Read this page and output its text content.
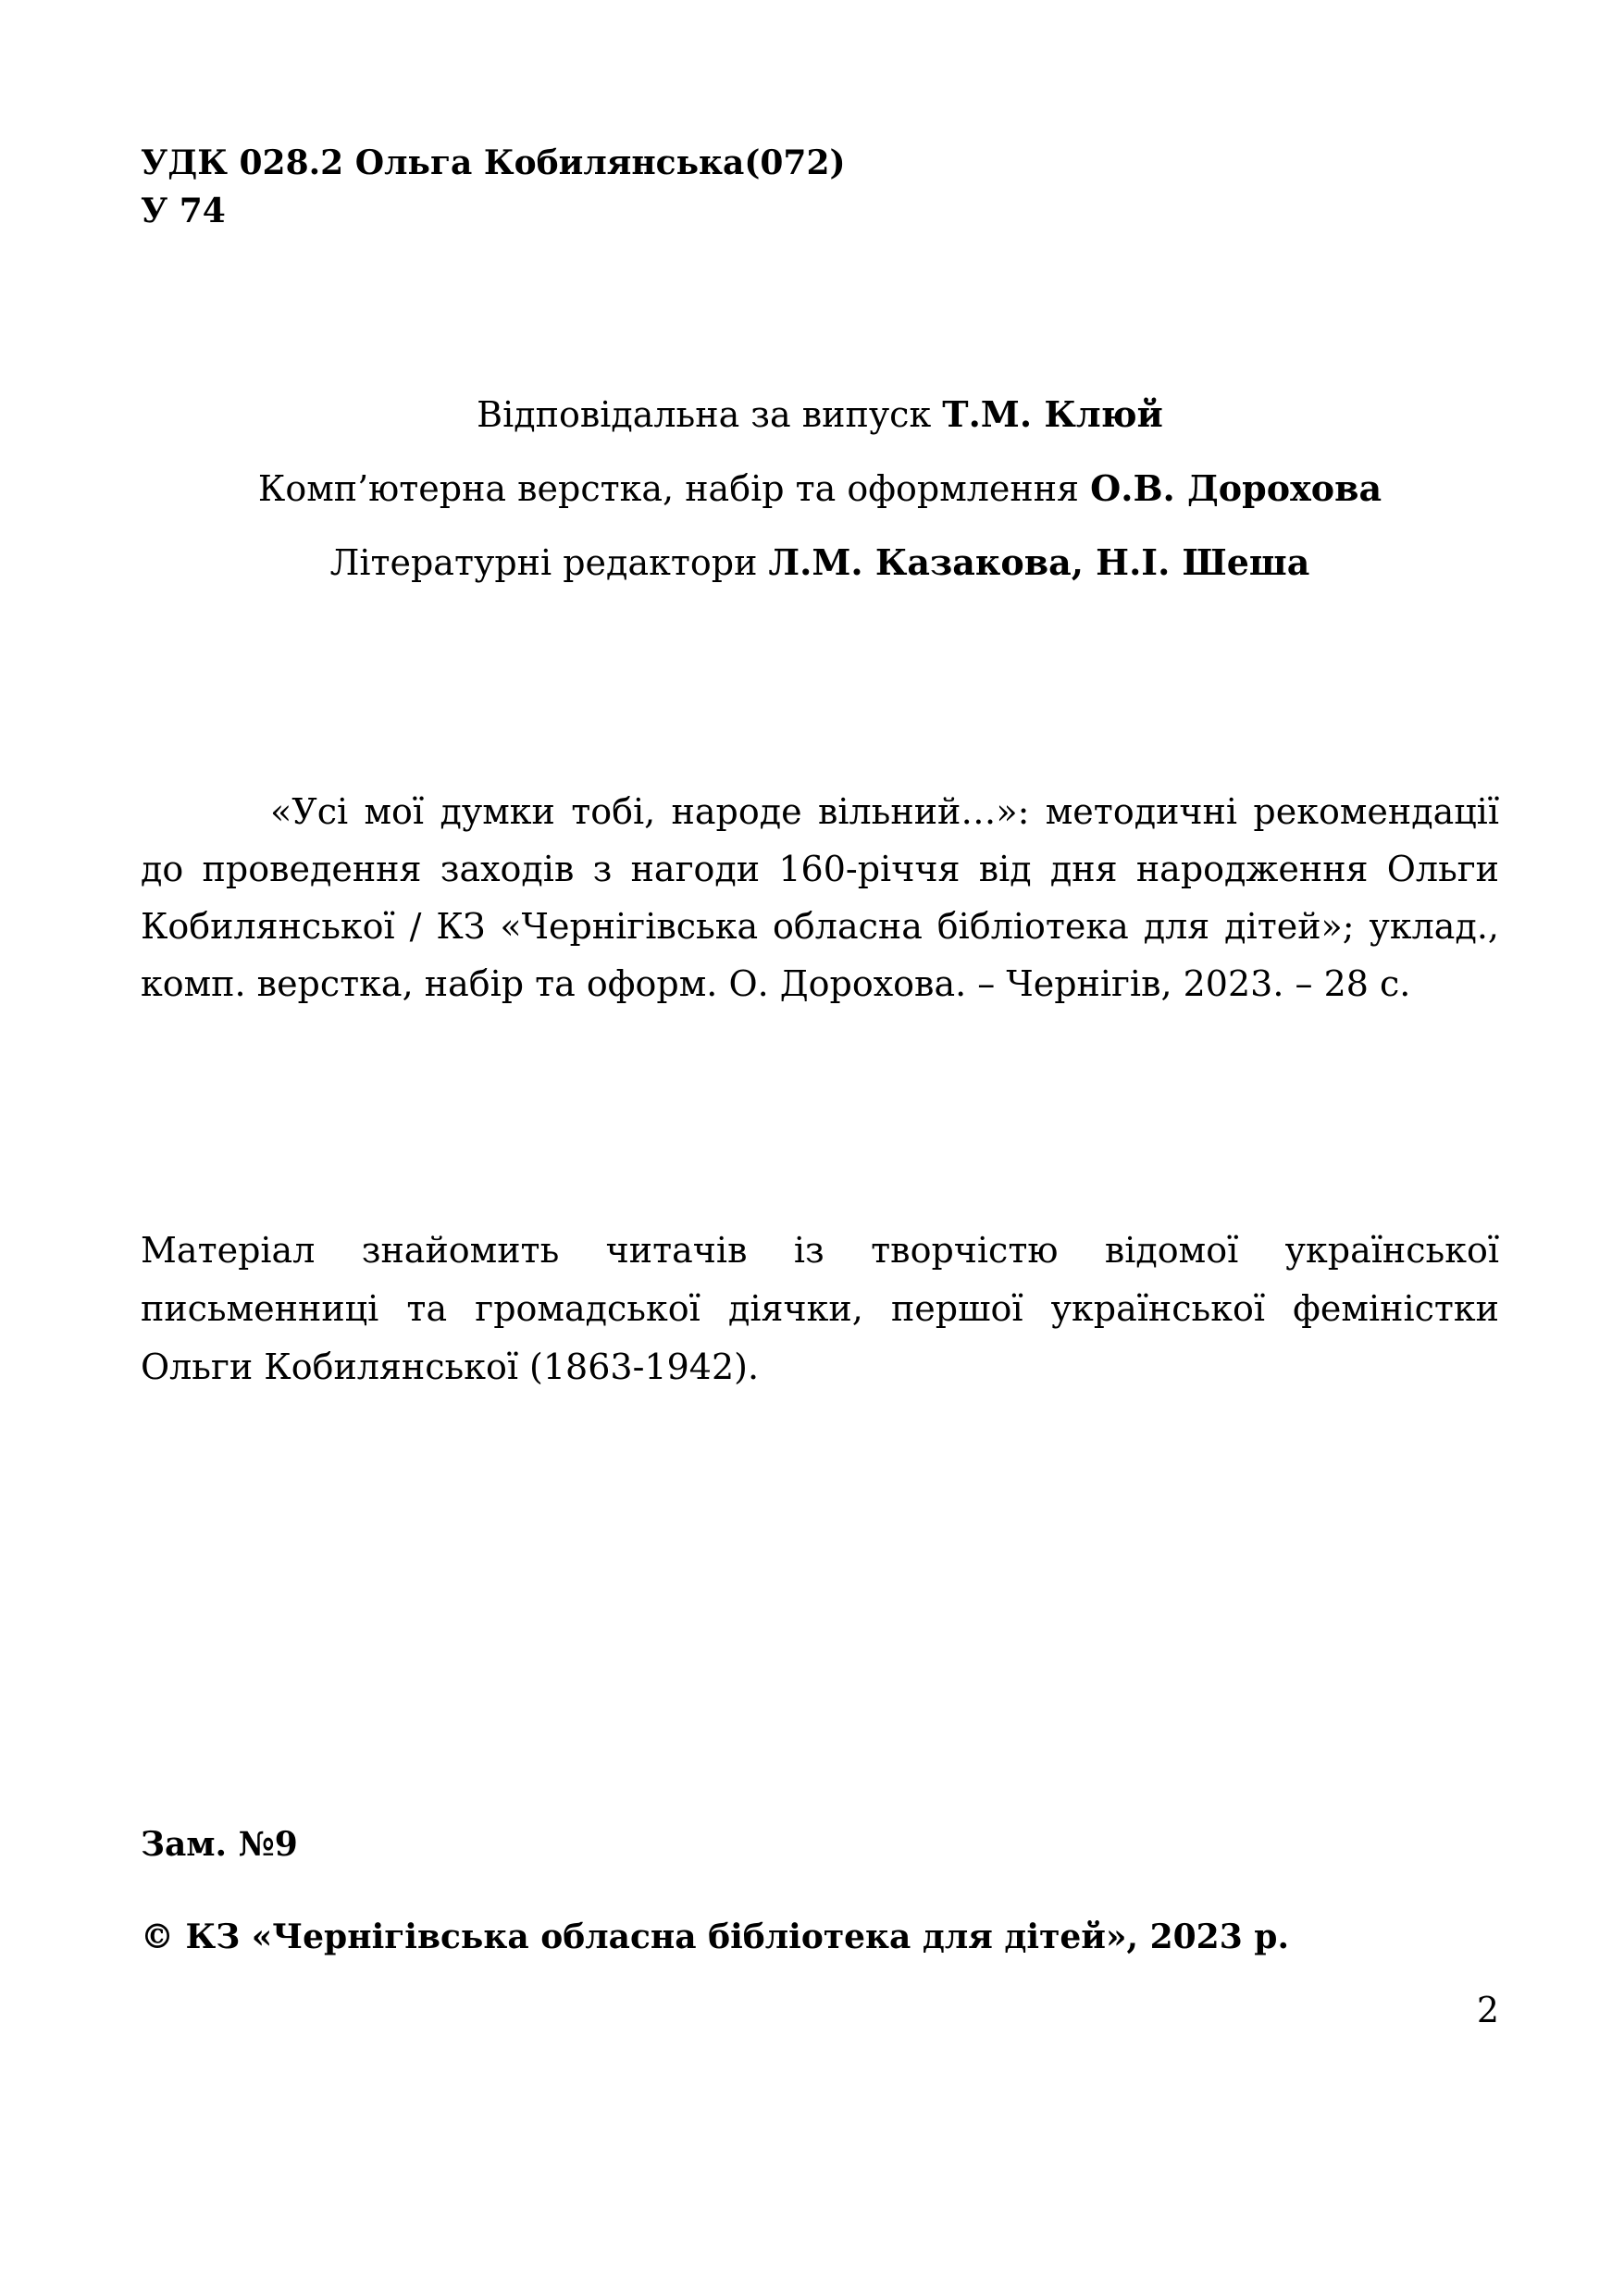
УДК 028.2 Ольга Кобилянська(072)
У 74
Відповідальна за випуск Т.М. Клюй
Комп’ютерна верстка, набір та оформлення О.В. Дорохова
Літературні редактори Л.М. Казакова, Н.І. Шеша

«Усі мої думки тобі, народе вільний…»: методичні рекомендації до проведення заходів з нагоди 160-річчя від дня народження Ольги Кобилянської / КЗ «Чернігівська обласна бібліотека для дітей»; уклад., комп. верстка, набір та оформ. О. Дорохова. – Чернігів, 2023. – 28 с.

Матеріал знайомить читачів із творчістю відомої української письменниці та громадської діячки, першої української феміністки Ольги Кобилянської (1863-1942).

Зам. №9
© КЗ «Чернігівська обласна бібліотека для дітей», 2023 р.
2
